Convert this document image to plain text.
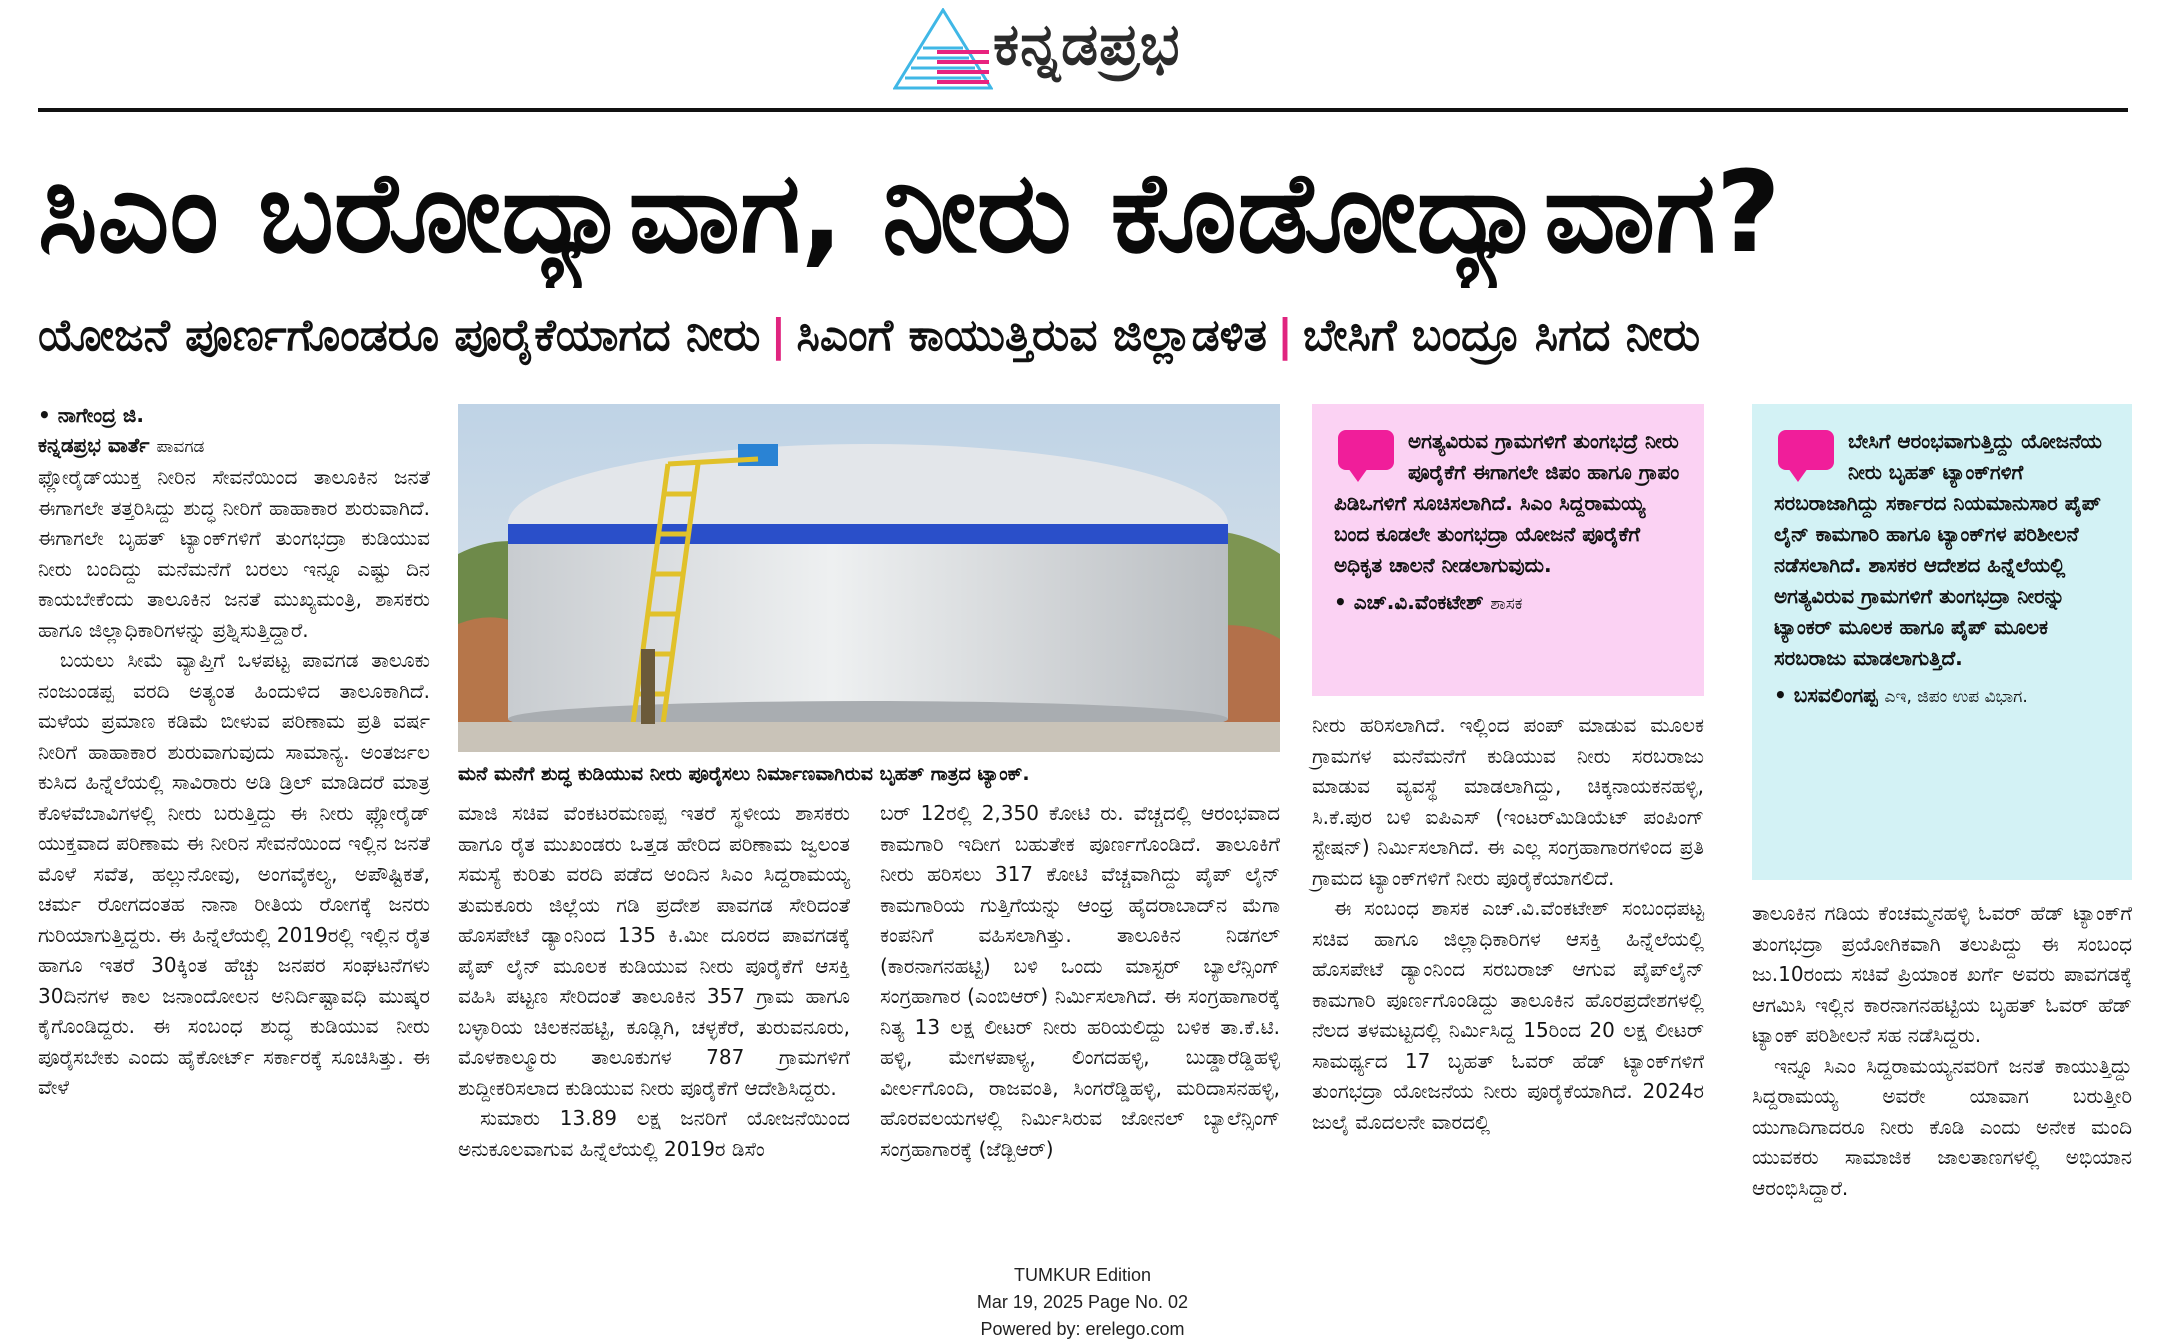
ಕನ್ನಡಪ್ರಭ
ಸಿಎಂ ಬರೋದ್ಯಾವಾಗ, ನೀರು ಕೊಡೋದ್ಯಾವಾಗ?
ಯೋಜನೆ ಪೂರ್ಣಗೊಂಡರೂ ಪೂರೈಕೆಯಾಗದ ನೀರು | ಸಿಎಂಗೆ ಕಾಯುತ್ತಿರುವ ಜಿಲ್ಲಾಡಳಿತ | ಬೇಸಿಗೆ ಬಂದ್ರೂ ಸಿಗದ ನೀರು
• ನಾಗೇಂದ್ರ ಜಿ.
ಕನ್ನಡಪ್ರಭ ವಾರ್ತೆ ಪಾವಗಡ

ಫ್ಲೋರೈಡ್‌ಯುಕ್ತ ನೀರಿನ ಸೇವನೆಯಿಂದ ತಾಲೂಕಿನ ಜನತೆ ಈಗಾಗಲೇ ತತ್ತರಿಸಿದ್ದು ಶುದ್ಧ ನೀರಿಗೆ ಹಾಹಾಕಾರ ಶುರುವಾಗಿದೆ. ಈಗಾಗಲೇ ಬೃಹತ್ ಟ್ಯಾಂಕ್‌ಗಳಿಗೆ ತುಂಗಭದ್ರಾ ಕುಡಿಯುವ ನೀರು ಬಂದಿದ್ದು ಮನೆಮನೆಗೆ ಬರಲು ಇನ್ನೂ ಎಷ್ಟು ದಿನ ಕಾಯಬೇಕೆಂದು ತಾಲೂಕಿನ ಜನತೆ ಮುಖ್ಯಮಂತ್ರಿ, ಶಾಸಕರು ಹಾಗೂ ಜಿಲ್ಲಾಧಿಕಾರಿಗಳನ್ನು ಪ್ರಶ್ನಿಸುತ್ತಿದ್ದಾರೆ.

ಬಯಲು ಸೀಮೆ ವ್ಯಾಪ್ತಿಗೆ ಒಳಪಟ್ಟ ಪಾವಗಡ ತಾಲೂಕು ನಂಜುಂಡಪ್ಪ ವರದಿ ಅತ್ಯಂತ ಹಿಂದುಳಿದ ತಾಲೂಕಾಗಿದೆ. ಮಳೆಯ ಪ್ರಮಾಣ ಕಡಿಮೆ ಬೀಳುವ ಪರಿಣಾಮ ಪ್ರತಿ ವರ್ಷ ನೀರಿಗೆ ಹಾಹಾಕಾರ ಶುರುವಾಗುವುದು ಸಾಮಾನ್ಯ. ಅಂತರ್ಜಲ ಕುಸಿದ ಹಿನ್ನೆಲೆಯಲ್ಲಿ ಸಾವಿರಾರು ಅಡಿ ಡ್ರಿಲ್ ಮಾಡಿದರೆ ಮಾತ್ರ ಕೊಳವೆಬಾವಿಗಳಲ್ಲಿ ನೀರು ಬರುತ್ತಿದ್ದು ಈ ನೀರು ಫ್ಲೋರೈಡ್ ಯುಕ್ತವಾದ ಪರಿಣಾಮ ಈ ನೀರಿನ ಸೇವನೆಯಿಂದ ಇಲ್ಲಿನ ಜನತೆ ಮೊಳೆ ಸವೆತ, ಹಲ್ಲುನೋವು, ಅಂಗವೈಕಲ್ಯ, ಅಪೌಷ್ಟಿಕತೆ, ಚರ್ಮ ರೋಗದಂತಹ ನಾನಾ ರೀತಿಯ ರೋಗಕ್ಕೆ ಜನರು ಗುರಿಯಾಗುತ್ತಿದ್ದರು. ಈ ಹಿನ್ನೆಲೆಯಲ್ಲಿ 2019ರಲ್ಲಿ ಇಲ್ಲಿನ ರೈತ ಹಾಗೂ ಇತರೆ 30ಕ್ಕಿಂತ ಹೆಚ್ಚು ಜನಪರ ಸಂಘಟನೆಗಳು 30ದಿನಗಳ ಕಾಲ ಜನಾಂದೋಲನ ಅನಿರ್ದಿಷ್ಟಾವಧಿ ಮುಷ್ಕರ ಕೈಗೊಂಡಿದ್ದರು. ಈ ಸಂಬಂಧ ಶುದ್ಧ ಕುಡಿಯುವ ನೀರು ಪೂರೈಸಬೇಕು ಎಂದು ಹೈಕೋರ್ಟ್ ಸರ್ಕಾರಕ್ಕೆ ಸೂಚಿಸಿತ್ತು. ಈ ವೇಳೆ

ಮನೆ ಮನೆಗೆ ಶುದ್ಧ ಕುಡಿಯುವ ನೀರು ಪೂರೈಸಲು ನಿರ್ಮಾಣವಾಗಿರುವ ಬೃಹತ್ ಗಾತ್ರದ ಟ್ಯಾಂಕ್.

ಮಾಜಿ ಸಚಿವ ವೆಂಕಟರಮಣಪ್ಪ ಇತರೆ ಸ್ಥಳೀಯ ಶಾಸಕರು ಹಾಗೂ ರೈತ ಮುಖಂಡರು ಒತ್ತಡ ಹೇರಿದ ಪರಿಣಾಮ ಜ್ವಲಂತ ಸಮಸ್ಯೆ ಕುರಿತು ವರದಿ ಪಡೆದ ಅಂದಿನ ಸಿಎಂ ಸಿದ್ದರಾಮಯ್ಯ ತುಮಕೂರು ಜಿಲ್ಲೆಯ ಗಡಿ ಪ್ರದೇಶ ಪಾವಗಡ ಸೇರಿದಂತೆ ಹೊಸಪೇಟೆ ಡ್ಯಾಂನಿಂದ 135 ಕಿ.ಮೀ ದೂರದ ಪಾವಗಡಕ್ಕೆ ಪೈಪ್ ಲೈನ್ ಮೂಲಕ ಕುಡಿಯುವ ನೀರು ಪೂರೈಕೆಗೆ ಆಸಕ್ತಿ ವಹಿಸಿ ಪಟ್ಟಣ ಸೇರಿದಂತೆ ತಾಲೂಕಿನ 357 ಗ್ರಾಮ ಹಾಗೂ ಬಳ್ಳಾರಿಯ ಚಿಲಕನಹಟ್ಟಿ, ಕೂಡ್ಲಿಗಿ, ಚಳ್ಳಕೆರೆ, ತುರುವನೂರು, ಮೊಳಕಾಲ್ಮೂರು ತಾಲೂಕುಗಳ 787 ಗ್ರಾಮಗಳಿಗೆ ಶುದ್ದೀಕರಿಸಲಾದ ಕುಡಿಯುವ ನೀರು ಪೂರೈಕೆಗೆ ಆದೇಶಿಸಿದ್ದರು.

ಸುಮಾರು 13.89 ಲಕ್ಷ ಜನರಿಗೆ ಯೋಜನೆಯಿಂದ ಅನುಕೂಲವಾಗುವ ಹಿನ್ನೆಲೆಯಲ್ಲಿ 2019ರ ಡಿಸೆಂ

ಬರ್ 12ರಲ್ಲಿ 2,350 ಕೋಟಿ ರು. ವೆಚ್ಚದಲ್ಲಿ ಆರಂಭವಾದ ಕಾಮಗಾರಿ ಇದೀಗ ಬಹುತೇಕ ಪೂರ್ಣಗೊಂಡಿದೆ. ತಾಲೂಕಿಗೆ ನೀರು ಹರಿಸಲು 317 ಕೋಟಿ ವೆಚ್ಚವಾಗಿದ್ದು ಪೈಪ್ ಲೈನ್ ಕಾಮಗಾರಿಯ ಗುತ್ತಿಗೆಯನ್ನು ಆಂಧ್ರ ಹೈದರಾಬಾದ್‌ನ ಮೆಗಾ ಕಂಪನಿಗೆ ವಹಿಸಲಾಗಿತ್ತು. ತಾಲೂಕಿನ ನಿಡಗಲ್ (ಕಾರನಾಗನಹಟ್ಟಿ) ಬಳಿ ಒಂದು ಮಾಸ್ಟರ್ ಬ್ಯಾಲೆನ್ಸಿಂಗ್ ಸಂಗ್ರಹಾಗಾರ (ಎಂಬಿಆರ್) ನಿರ್ಮಿಸಲಾಗಿದೆ. ಈ ಸಂಗ್ರಹಾಗಾರಕ್ಕೆ ನಿತ್ಯ 13 ಲಕ್ಷ ಲೀಟರ್ ನೀರು ಹರಿಯಲಿದ್ದು ಬಳಿಕ ತಾ.ಕೆ.ಟಿ. ಹಳ್ಳಿ, ಮೇಗಳಪಾಳ್ಯ, ಲಿಂಗದಹಳ್ಳಿ, ಬುಡ್ಡಾರೆಡ್ಡಿಹಳ್ಳಿ ವೀರ್ಲಗೊಂದಿ, ರಾಜವಂತಿ, ಸಿಂಗರೆಡ್ಡಿಹಳ್ಳಿ, ಮರಿದಾಸನಹಳ್ಳಿ, ಹೊರವಲಯಗಳಲ್ಲಿ ನಿರ್ಮಿಸಿರುವ ಜೋನಲ್ ಬ್ಯಾಲೆನ್ಸಿಂಗ್ ಸಂಗ್ರಹಾಗಾರಕ್ಕೆ (ಜೆಡ್ಬಿಆರ್)

ಅಗತ್ಯವಿರುವ ಗ್ರಾಮಗಳಿಗೆ ತುಂಗಭದ್ರೆ ನೀರು ಪೂರೈಕೆಗೆ ಈಗಾಗಲೇ ಜಿಪಂ ಹಾಗೂ ಗ್ರಾಪಂ ಪಿಡಿಒಗಳಿಗೆ ಸೂಚಿಸಲಾಗಿದೆ. ಸಿಎಂ ಸಿದ್ದರಾಮಯ್ಯ ಬಂದ ಕೂಡಲೇ ತುಂಗಭದ್ರಾ ಯೋಜನೆ ಪೂರೈಕೆಗೆ ಅಧಿಕೃತ ಚಾಲನೆ ನೀಡಲಾಗುವುದು.
• ಎಚ್.ವಿ.ವೆಂಕಟೇಶ್ ಶಾಸಕ

ನೀರು ಹರಿಸಲಾಗಿದೆ. ಇಲ್ಲಿಂದ ಪಂಪ್ ಮಾಡುವ ಮೂಲಕ ಗ್ರಾಮಗಳ ಮನೆಮನೆಗೆ ಕುಡಿಯುವ ನೀರು ಸರಬರಾಜು ಮಾಡುವ ವ್ಯವಸ್ಥೆ ಮಾಡಲಾಗಿದ್ದು, ಚಿಕ್ಕನಾಯಕನಹಳ್ಳಿ, ಸಿ.ಕೆ.ಪುರ ಬಳಿ ಐಪಿಎಸ್ (ಇಂಟರ್‌ಮಿಡಿಯೆಟ್ ಪಂಪಿಂಗ್ ಸ್ಟೇಷನ್) ನಿರ್ಮಿಸಲಾಗಿದೆ. ಈ ಎಲ್ಲ ಸಂಗ್ರಹಾಗಾರಗಳಿಂದ ಪ್ರತಿ ಗ್ರಾಮದ ಟ್ಯಾಂಕ್‌ಗಳಿಗೆ ನೀರು ಪೂರೈಕೆಯಾಗಲಿದೆ.

ಈ ಸಂಬಂಧ ಶಾಸಕ ಎಚ್.ವಿ.ವೆಂಕಟೇಶ್ ಸಂಬಂಧಪಟ್ಟ ಸಚಿವ ಹಾಗೂ ಜಿಲ್ಲಾಧಿಕಾರಿಗಳ ಆಸಕ್ತಿ ಹಿನ್ನೆಲೆಯಲ್ಲಿ ಹೊಸಪೇಟೆ ಡ್ಯಾಂನಿಂದ ಸರಬರಾಜ್ ಆಗುವ ಪೈಪ್‌ಲೈನ್ ಕಾಮಗಾರಿ ಪೂರ್ಣಗೊಂಡಿದ್ದು ತಾಲೂಕಿನ ಹೊರಪ್ರದೇಶಗಳಲ್ಲಿ ನೆಲದ ತಳಮಟ್ಟದಲ್ಲಿ ನಿರ್ಮಿಸಿದ್ದ 15ರಿಂದ 20 ಲಕ್ಷ ಲೀಟರ್ ಸಾಮರ್ಥ್ಯದ 17 ಬೃಹತ್ ಓವರ್ ಹೆಡ್ ಟ್ಯಾಂಕ್‌ಗಳಿಗೆ ತುಂಗಭದ್ರಾ ಯೋಜನೆಯ ನೀರು ಪೂರೈಕೆಯಾಗಿದೆ. 2024ರ ಜುಲೈ ಮೊದಲನೇ ವಾರದಲ್ಲಿ

ಬೇಸಿಗೆ ಆರಂಭವಾಗುತ್ತಿದ್ದು ಯೋಜನೆಯ ನೀರು ಬೃಹತ್ ಟ್ಯಾಂಕ್‌ಗಳಿಗೆ ಸರಬರಾಜಾಗಿದ್ದು ಸರ್ಕಾರದ ನಿಯಮಾನುಸಾರ ಪೈಪ್ ಲೈನ್ ಕಾಮಗಾರಿ ಹಾಗೂ ಟ್ಯಾಂಕ್‌ಗಳ ಪರಿಶೀಲನೆ ನಡೆಸಲಾಗಿದೆ. ಶಾಸಕರ ಆದೇಶದ ಹಿನ್ನೆಲೆಯಲ್ಲಿ ಅಗತ್ಯವಿರುವ ಗ್ರಾಮಗಳಿಗೆ ತುಂಗಭದ್ರಾ ನೀರನ್ನು ಟ್ಯಾಂಕರ್ ಮೂಲಕ ಹಾಗೂ ಪೈಪ್ ಮೂಲಕ ಸರಬರಾಜು ಮಾಡಲಾಗುತ್ತಿದೆ.
• ಬಸವಲಿಂಗಪ್ಪ ಎಇ, ಜಿಪಂ ಉಪ ವಿಭಾಗ.

ತಾಲೂಕಿನ ಗಡಿಯ ಕೆಂಚಮ್ಮನಹಳ್ಳಿ ಓವರ್ ಹೆಡ್ ಟ್ಯಾಂಕ್‌ಗೆ ತುಂಗಭದ್ರಾ ಪ್ರಯೋಗಿಕವಾಗಿ ತಲುಪಿದ್ದು ಈ ಸಂಬಂಧ ಜು.10ರಂದು ಸಚಿವೆ ಪ್ರಿಯಾಂಕ ಖರ್ಗೆ ಅವರು ಪಾವಗಡಕ್ಕೆ ಆಗಮಿಸಿ ಇಲ್ಲಿನ ಕಾರನಾಗನಹಟ್ಟಿಯ ಬೃಹತ್ ಓವರ್ ಹೆಡ್ ಟ್ಯಾಂಕ್ ಪರಿಶೀಲನೆ ಸಹ ನಡೆಸಿದ್ದರು.

ಇನ್ನೂ ಸಿಎಂ ಸಿದ್ದರಾಮಯ್ಯನವರಿಗೆ ಜನತೆ ಕಾಯುತ್ತಿದ್ದು ಸಿದ್ದರಾಮಯ್ಯ ಅವರೇ ಯಾವಾಗ ಬರುತ್ತೀರಿ ಯುಗಾದಿಗಾದರೂ ನೀರು ಕೊಡಿ ಎಂದು ಅನೇಕ ಮಂದಿ ಯುವಕರು ಸಾಮಾಜಿಕ ಜಾಲತಾಣಗಳಲ್ಲಿ ಅಭಿಯಾನ ಆರಂಭಿಸಿದ್ದಾರೆ.

TUMKUR Edition
Mar 19, 2025 Page No. 02
Powered by: erelego.com
